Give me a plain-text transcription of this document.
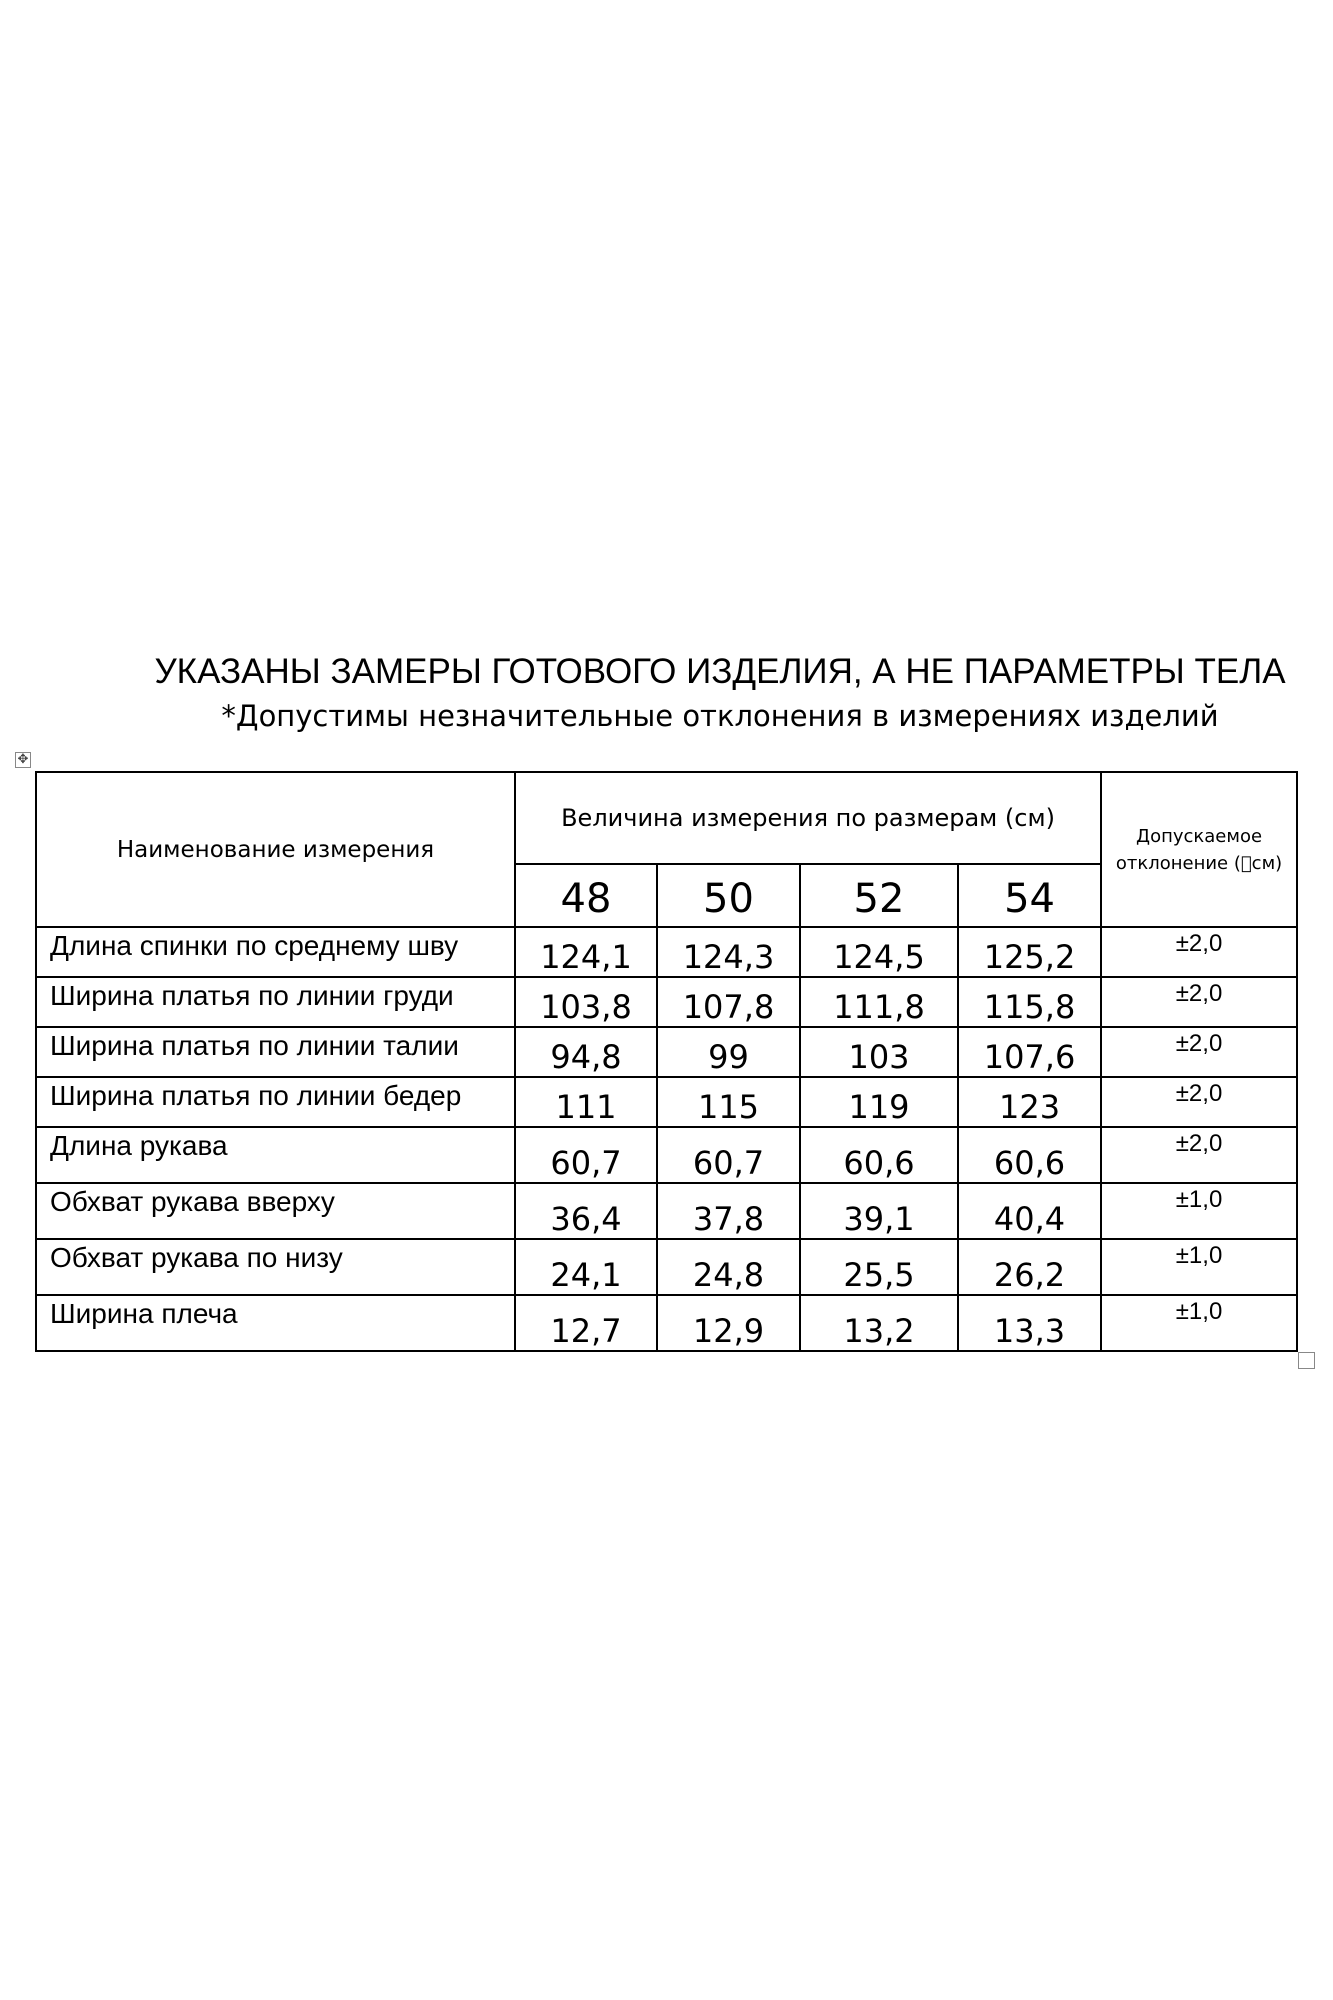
УКАЗАНЫ ЗАМЕРЫ ГОТОВОГО ИЗДЕЛИЯ, А НЕ ПАРАМЕТРЫ ТЕЛА
*Допустимы незначительные отклонения в измерениях изделий
✥
Наименование измерения	Величина измерения по размерам (см)				Допускаемое
отклонение ( см)

	48	50	52	54	
Длина спинки по среднему шву	124,1	124,3	124,5	125,2	±2,0
Ширина платья по линии груди	103,8	107,8	111,8	115,8	±2,0
Ширина платья по линии талии	94,8	99	103	107,6	±2,0
Ширина платья по линии бедер	111	115	119	123	±2,0
Длина рукава	60,7	60,7	60,6	60,6	±2,0
Обхват рукава вверху	36,4	37,8	39,1	40,4	±1,0
Обхват рукава по низу	24,1	24,8	25,5	26,2	±1,0
Ширина плеча	12,7	12,9	13,2	13,3	±1,0
